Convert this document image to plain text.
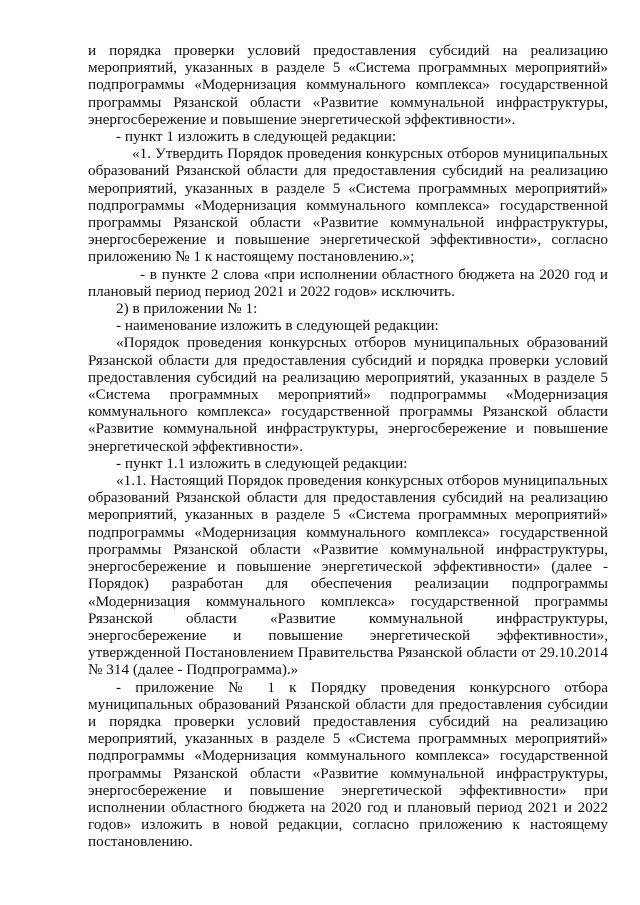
и порядка проверки условий предоставления субсидий на реализацию мероприятий, указанных в разделе 5 «Система программных мероприятий» подпрограммы «Модернизация коммунального комплекса» государственной программы Рязанской области «Развитие коммунальной инфраструктуры, энергосбережение и повышение энергетической эффективности».

- пункт 1 изложить в следующей редакции:

«1. Утвердить Порядок проведения конкурсных отборов муниципальных образований Рязанской области для предоставления субсидий на реализацию мероприятий, указанных в разделе 5 «Система программных мероприятий» подпрограммы «Модернизация коммунального комплекса» государственной программы Рязанской области «Развитие коммунальной инфраструктуры, энергосбережение и повышение энергетической эффективности», согласно приложению № 1 к настоящему постановлению.»;

- в пункте 2 слова «при исполнении областного бюджета на 2020 год и плановый период период 2021 и 2022 годов» исключить.

2) в приложении № 1:

- наименование изложить в следующей редакции:

«Порядок проведения конкурсных отборов муниципальных образований Рязанской области для предоставления субсидий и порядка проверки условий предоставления субсидий на реализацию мероприятий, указанных в разделе 5 «Система программных мероприятий» подпрограммы «Модернизация коммунального комплекса» государственной программы Рязанской области «Развитие коммунальной инфраструктуры, энергосбережение и повышение энергетической эффективности».

- пункт 1.1 изложить в следующей редакции:

«1.1. Настоящий Порядок проведения конкурсных отборов муниципальных образований Рязанской области для предоставления субсидий на реализацию мероприятий, указанных в разделе 5 «Система программных мероприятий» подпрограммы «Модернизация коммунального комплекса» государственной программы Рязанской области «Развитие коммунальной инфраструктуры, энергосбережение и повышение энергетической эффективности» (далее - Порядок) разработан для обеспечения реализации подпрограммы «Модернизация коммунального комплекса» государственной программы Рязанской области «Развитие коммунальной инфраструктуры, энергосбережение и повышение энергетической эффективности», утвержденной Постановлением Правительства Рязанской области от 29.10.2014 № 314 (далее - Подпрограмма).»

- приложение № 1 к Порядку проведения конкурсного отбора муниципальных образований Рязанской области для предоставления субсидии и порядка проверки условий предоставления субсидий на реализацию мероприятий, указанных в разделе 5 «Система программных мероприятий» подпрограммы «Модернизация коммунального комплекса» государственной программы Рязанской области «Развитие коммунальной инфраструктуры, энергосбережение и повышение энергетической эффективности» при исполнении областного бюджета на 2020 год и плановый период 2021 и 2022 годов» изложить в новой редакции, согласно приложению к настоящему постановлению.
